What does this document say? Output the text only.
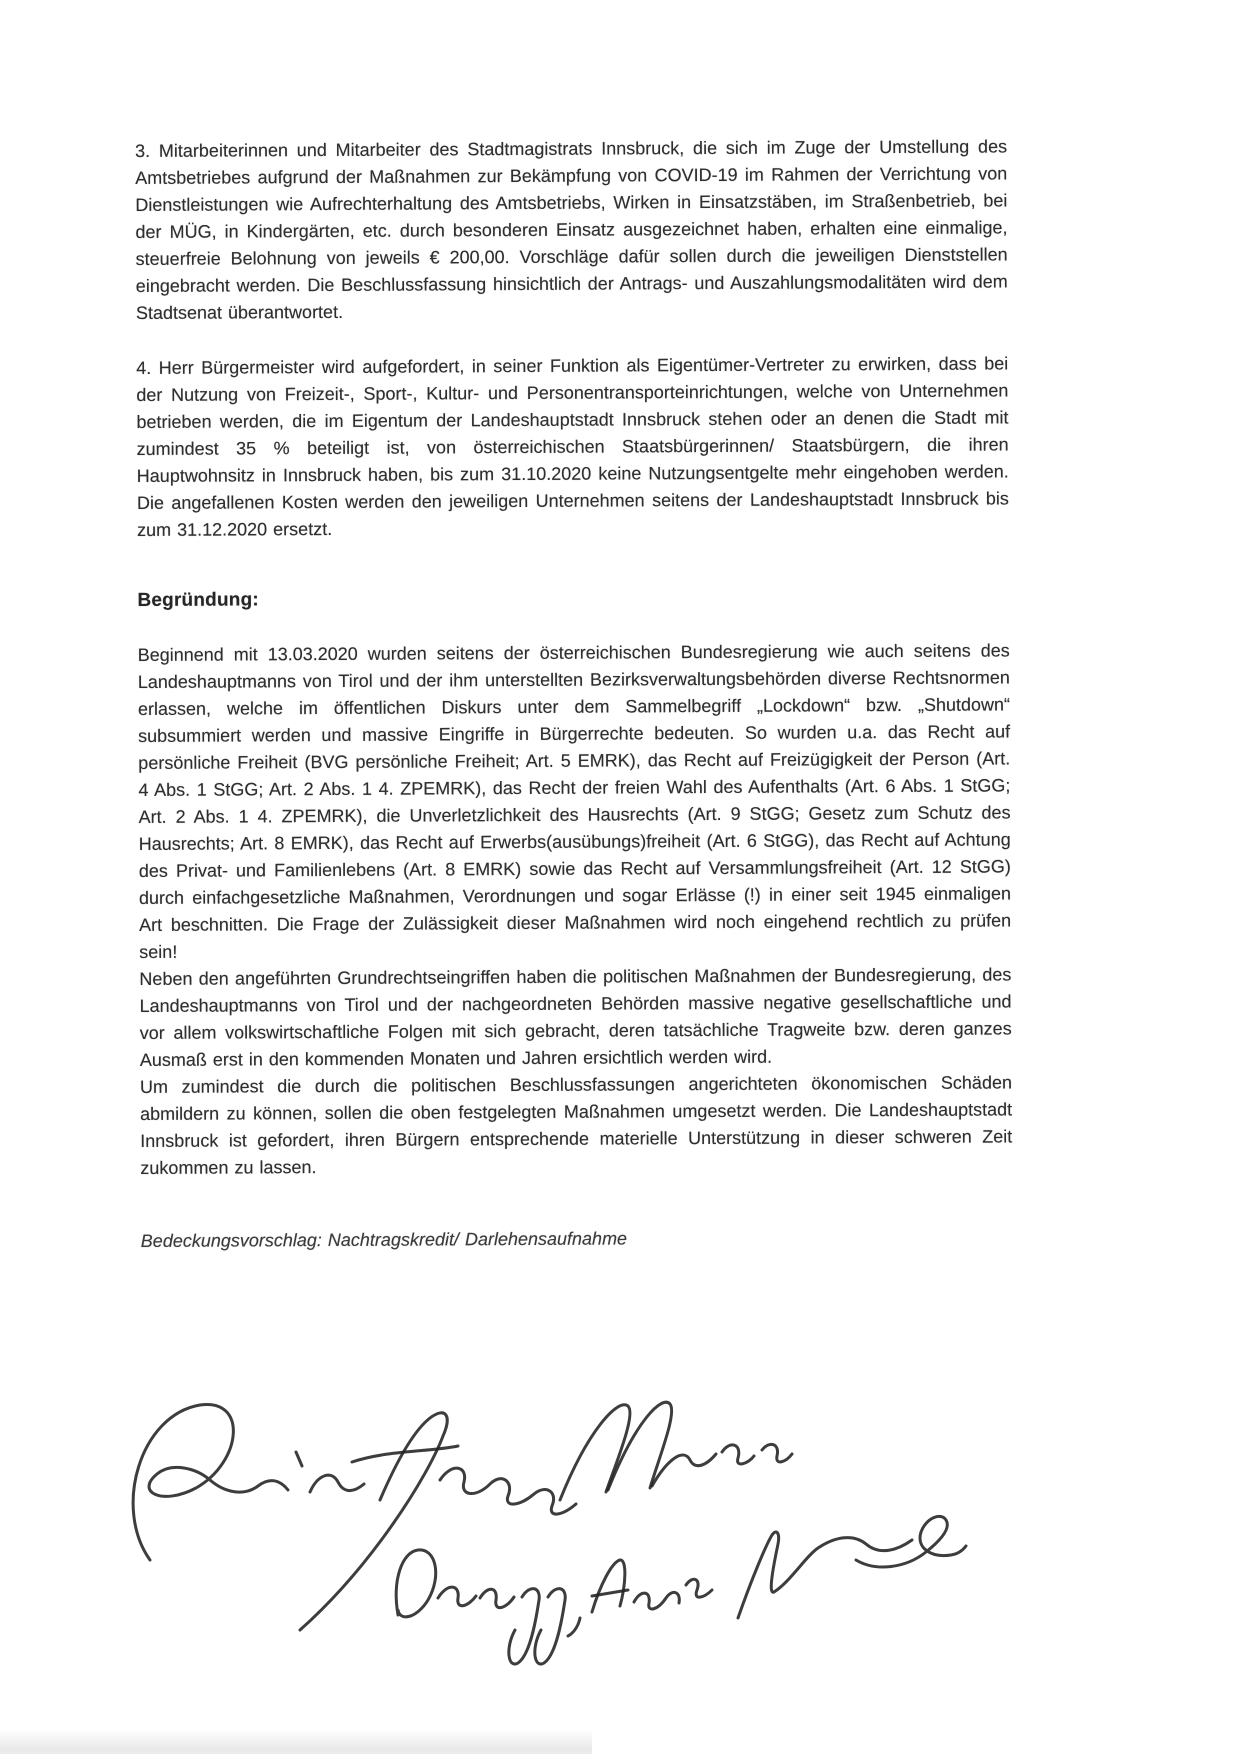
3. Mitarbeiterinnen und Mitarbeiter des Stadtmagistrats Innsbruck, die sich im Zuge der Umstellung des Amtsbetriebes aufgrund der Maßnahmen zur Bekämpfung von COVID-19 im Rahmen der Verrichtung von Dienstleistungen wie Aufrechterhaltung des Amtsbetriebs, Wirken in Einsatzstäben, im Straßenbetrieb, bei der MÜG, in Kindergärten, etc. durch besonderen Einsatz ausgezeichnet haben, erhalten eine einmalige, steuerfreie Belohnung von jeweils € 200,00. Vorschläge dafür sollen durch die jeweiligen Dienststellen eingebracht werden. Die Beschlussfassung hinsichtlich der Antrags- und Auszahlungsmodalitäten wird dem Stadtsenat überantwortet.

4. Herr Bürgermeister wird aufgefordert, in seiner Funktion als Eigentümer-Vertreter zu erwirken, dass bei der Nutzung von Freizeit-, Sport-, Kultur- und Personentransporteinrichtungen, welche von Unternehmen betrieben werden, die im Eigentum der Landeshauptstadt Innsbruck stehen oder an denen die Stadt mit zumindest 35 % beteiligt ist, von österreichischen Staatsbürgerinnen/ Staatsbürgern, die ihren Hauptwohnsitz in Innsbruck haben, bis zum 31.10.2020 keine Nutzungsentgelte mehr eingehoben werden. Die angefallenen Kosten werden den jeweiligen Unternehmen seitens der Landeshauptstadt Innsbruck bis zum 31.12.2020 ersetzt.

Begründung:

Beginnend mit 13.03.2020 wurden seitens der österreichischen Bundesregierung wie auch seitens des Landeshauptmanns von Tirol und der ihm unterstellten Bezirksverwaltungsbehörden diverse Rechtsnormen erlassen, welche im öffentlichen Diskurs unter dem Sammelbegriff „Lockdown“ bzw. „Shutdown“ subsummiert werden und massive Eingriffe in Bürgerrechte bedeuten. So wurden u.a. das Recht auf persönliche Freiheit (BVG persönliche Freiheit; Art. 5 EMRK), das Recht auf Freizügigkeit der Person (Art. 4 Abs. 1 StGG; Art. 2 Abs. 1 4. ZPEMRK), das Recht der freien Wahl des Aufenthalts (Art. 6 Abs. 1 StGG; Art. 2 Abs. 1 4. ZPEMRK), die Unverletzlichkeit des Hausrechts (Art. 9 StGG; Gesetz zum Schutz des Hausrechts; Art. 8 EMRK), das Recht auf Erwerbs(ausübungs)freiheit (Art. 6 StGG), das Recht auf Achtung des Privat- und Familienlebens (Art. 8 EMRK) sowie das Recht auf Versammlungsfreiheit (Art. 12 StGG) durch einfachgesetzliche Maßnahmen, Verordnungen und sogar Erlässe (!) in einer seit 1945 einmaligen Art beschnitten. Die Frage der Zulässigkeit dieser Maßnahmen wird noch eingehend rechtlich zu prüfen sein!

Neben den angeführten Grundrechtseingriffen haben die politischen Maßnahmen der Bundesregierung, des Landeshauptmanns von Tirol und der nachgeordneten Behörden massive negative gesellschaftliche und vor allem volkswirtschaftliche Folgen mit sich gebracht, deren tatsächliche Tragweite bzw. deren ganzes Ausmaß erst in den kommenden Monaten und Jahren ersichtlich werden wird.

Um zumindest die durch die politischen Beschlussfassungen angerichteten ökonomischen Schäden abmildern zu können, sollen die oben festgelegten Maßnahmen umgesetzt werden. Die Landeshauptstadt Innsbruck ist gefordert, ihren Bürgern entsprechende materielle Unterstützung in dieser schweren Zeit zukommen zu lassen.

Bedeckungsvorschlag: Nachtragskredit/ Darlehensaufnahme
